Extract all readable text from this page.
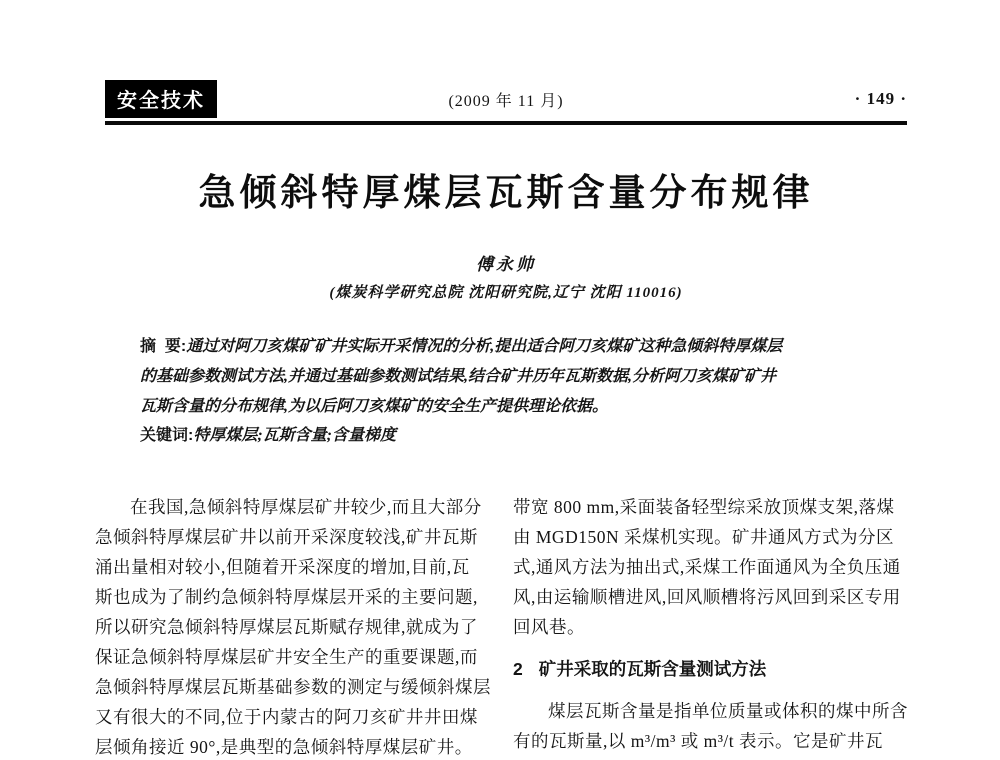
安全技术	(2009 年 11 月)	· 149 ·
急倾斜特厚煤层瓦斯含量分布规律
傅永帅
(煤炭科学研究总院 沈阳研究院,辽宁 沈阳 110016)
摘  要:通过对阿刀亥煤矿矿井实际开采情况的分析,提出适合阿刀亥煤矿这种急倾斜特厚煤层
的基础参数测试方法,并通过基础参数测试结果,结合矿井历年瓦斯数据,分析阿刀亥煤矿矿井
瓦斯含量的分布规律,为以后阿刀亥煤矿的安全生产提供理论依据。
关键词:特厚煤层;瓦斯含量;含量梯度
在我国,急倾斜特厚煤层矿井较少,而且大部分
急倾斜特厚煤层矿井以前开采深度较浅,矿井瓦斯
涌出量相对较小,但随着开采深度的增加,目前,瓦
斯也成为了制约急倾斜特厚煤层开采的主要问题,
所以研究急倾斜特厚煤层瓦斯赋存规律,就成为了
保证急倾斜特厚煤层矿井安全生产的重要课题,而
急倾斜特厚煤层瓦斯基础参数的测定与缓倾斜煤层
又有很大的不同,位于内蒙古的阿刀亥矿井井田煤
层倾角接近 90°,是典型的急倾斜特厚煤层矿井。
带宽 800 mm,采面装备轻型综采放顶煤支架,落煤
由 MGD150N 采煤机实现。矿井通风方式为分区
式,通风方法为抽出式,采煤工作面通风为全负压通
风,由运输顺槽进风,回风顺槽将污风回到采区专用
回风巷。
2 矿井采取的瓦斯含量测试方法
煤层瓦斯含量是指单位质量或体积的煤中所含
有的瓦斯量,以 m³/m³ 或 m³/t 表示。它是矿井瓦
